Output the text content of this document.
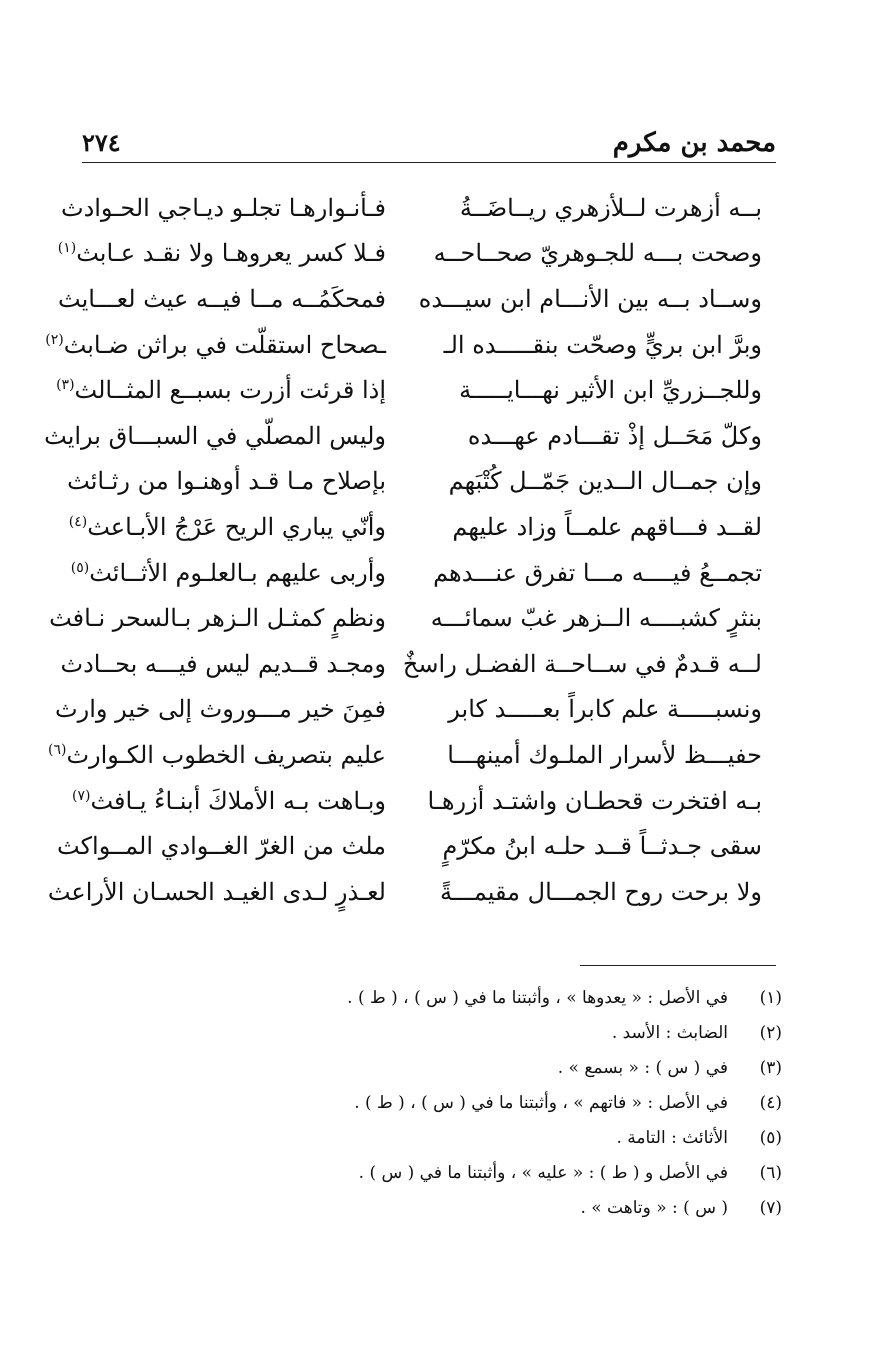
محمد بن مكرم
٢٧٤
بــه أزهرت لــلأزهري ريــاضَــةُ
فـأنـوارهـا تجلـو ديـاجي الحـوادث
وصحت بـــه للجـوهريّ صحــاحــه
فـلا كسر يعروهـا ولا نقـد عـابث$^{(١)}$
وســاد بــه بين الأنـــام ابن سيـــده
فمحكَمُــه مــا فيــه عيث لعـــايث
وبرَّ ابن بريٍّ وصحّت بنقـــــده الـ
ـصحاح استقلّت في براثن ضـابث$^{(٢)}$
وللجــزريِّ ابن الأثير نهـــايـــــة
إذا قرئت أزرت بسبــع المثــالث$^{(٣)}$
وكلّ مَحَــل إذْ تقـــادم عهـــده
وليس المصلّي في السبـــاق برايث
وإن جمــال الــدين جَمّــل كُتْبَهم
بإصلاح مـا قـد أوهنـوا من رثـائث
لقــد فـــاقهم علمــاً وزاد عليهم
وأنّي يباري الريح عَرْجُ الأبـاعث$^{(٤)}$
تجمــعُ فيــــه مـــا تفرق عنـــدهم
وأربى عليهم بـالعلـوم الأثــائث$^{(٥)}$
بنثرٍ كشبــــه الــزهر غبّ سمائـــه
ونظمٍ كمثـل الـزهر بـالسحر نـافث
لــه قـدمٌ في ســاحــة الفضـل راسخٌ
ومجـد قــديم ليس فيـــه بحــادث
ونسبـــــة علم كابراً بعـــــد كابر
فمِنَ خير مـــوروث إلى خير وارث
حفيـــظ لأسرار الملـوك أمينهـــا
عليم بتصريف الخطوب الكـوارث$^{(٦)}$
بـه افتخرت قحطـان واشتـد أزرهـا
وبـاهت بـه الأملاكَ أبنـاءُ يـافث$^{(٧)}$
سقى جـدثــاً قــد حلـه ابنُ مكرّمٍ
ملث من الغرّ الغــوادي المــواكث
ولا برحت روح الجمـــال مقيمـــةً
لعـذرٍ لـدى الغيـد الحسـان الأراعث
(١)
في الأصل : « يعدوها » ، وأثبتنا ما في ( س ) ، ( ط ) .
(٢)
الضابث : الأسد .
(٣)
في ( س ) : « بسمع » .
(٤)
في الأصل : « فاتهم » ، وأثبتنا ما في ( س ) ، ( ط ) .
(٥)
الأثائث : التامة .
(٦)
في الأصل و ( ط ) : « عليه » ، وأثبتنا ما في ( س ) .
(٧)
( س ) : « وتاهت » .
